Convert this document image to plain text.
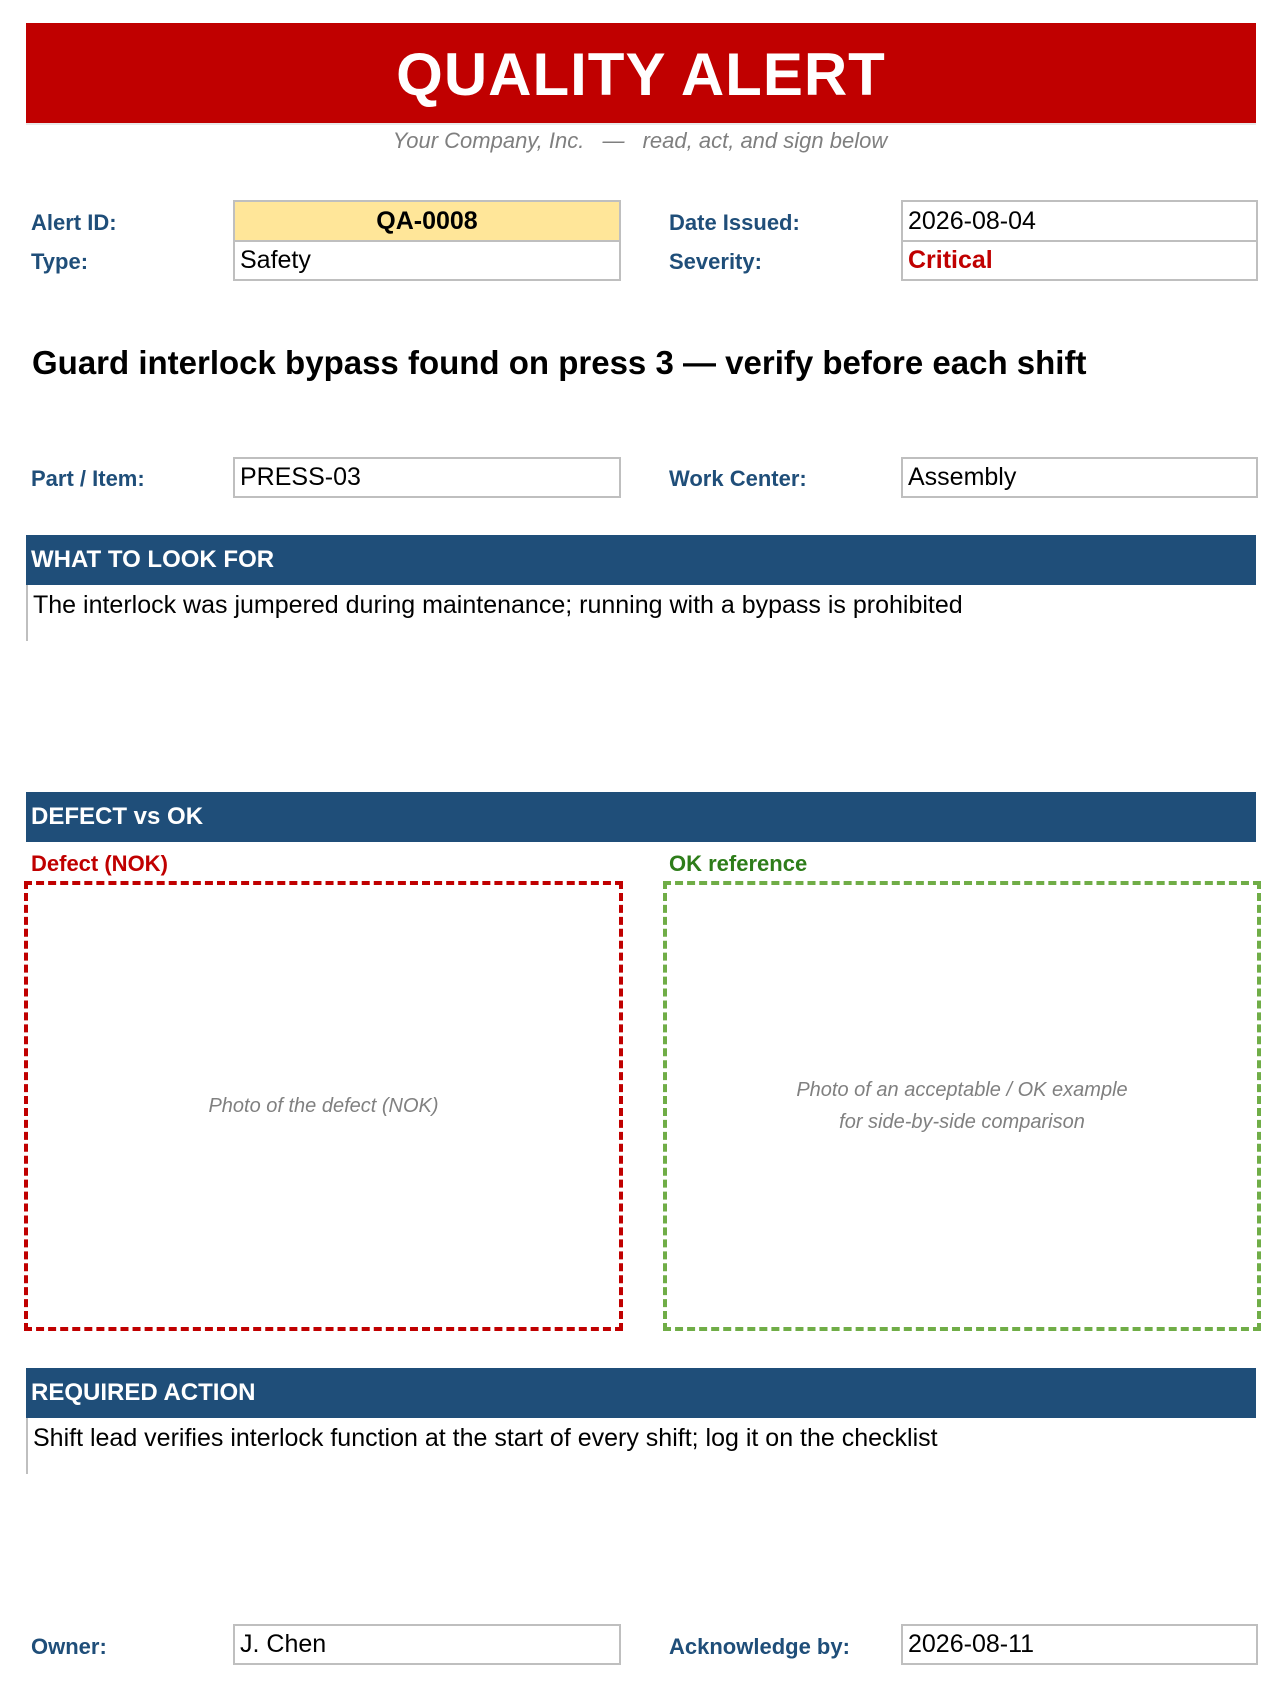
QUALITY ALERT
Your Company, Inc. — read, act, and sign below
Alert ID:	QA-0008	Date Issued:	2026-08-04
Type:	Safety	Severity:	Critical
Guard interlock bypass found on press 3 — verify before each shift
Part / Item:	PRESS-03	Work Center:	Assembly
WHAT TO LOOK FOR
The interlock was jumpered during maintenance; running with a bypass is prohibited
DEFECT vs OK
Defect (NOK)	OK reference
Photo of the defect (NOK)
Photo of an acceptable / OK example
for side-by-side comparison
REQUIRED ACTION
Shift lead verifies interlock function at the start of every shift; log it on the checklist
Owner:	J. Chen	Acknowledge by: 2026-08-11
